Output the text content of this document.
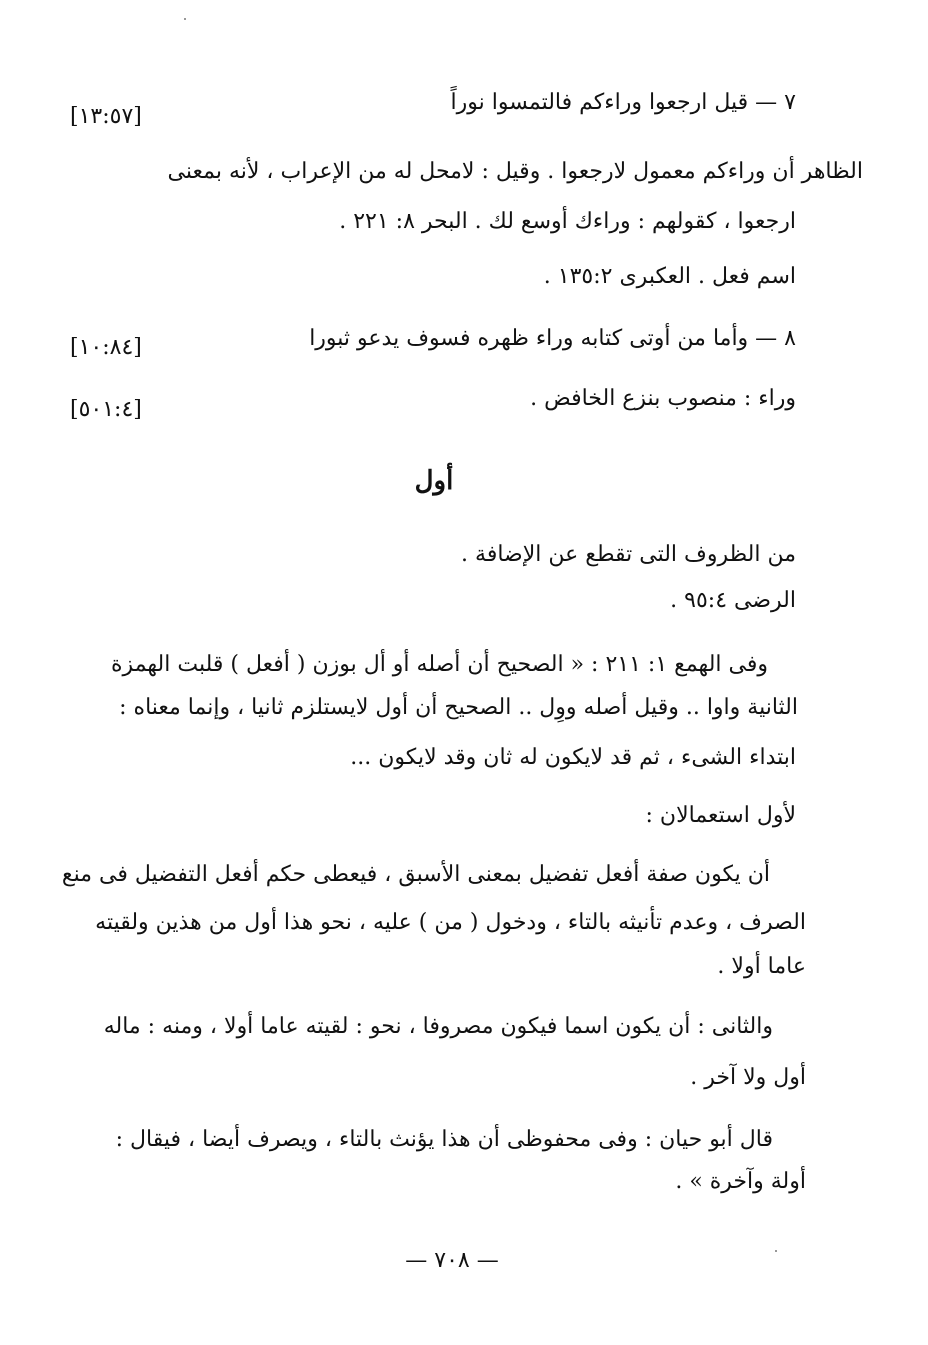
٧ — قيل ارجعوا وراءكم فالتمسوا نوراً
[١٣:٥٧]
الظاهر أن وراءكم معمول لارجعوا . وقيل : لامحل له من الإعراب ، لأنه بمعنى
ارجعوا ، كقولهم : وراءك أوسع لك . البحر ٨: ٢٢١ .
اسم فعل . العكبرى ١٣٥:٢ .
٨ — وأما من أوتى كتابه وراء ظهره فسوف يدعو ثبورا
[١٠:٨٤]
وراء : منصوب بنزع الخافض .
[٥٠١:٤]
أول
من الظروف التى تقطع عن الإضافة .
الرضى ٩٥:٤ .
وفى الهمع ١: ٢١١ : « الصحيح أن أصله أو أل بوزن ( أفعل ) قلبت الهمزة
الثانية واوا .. وقيل أصله ووِل .. الصحيح أن أول لايستلزم ثانيا ، وإنما معناه :
ابتداء الشىء ، ثم قد لايكون له ثان وقد لايكون ...
لأول استعمالان :
أن يكون صفة أفعل تفضيل بمعنى الأسبق ، فيعطى حكم أفعل التفضيل فى منع
الصرف ، وعدم تأنيثه بالتاء ، ودخول ( من ) عليه ، نحو هذا أول من هذين ولقيته
عاما أولا .
والثانى : أن يكون اسما فيكون مصروفا ، نحو : لقيته عاما أولا ، ومنه : ماله
أول ولا آخر .
قال أبو حيان : وفى محفوظى أن هذا يؤنث بالتاء ، ويصرف أيضا ، فيقال :
أولة وآخرة » .
— ٧٠٨ —
